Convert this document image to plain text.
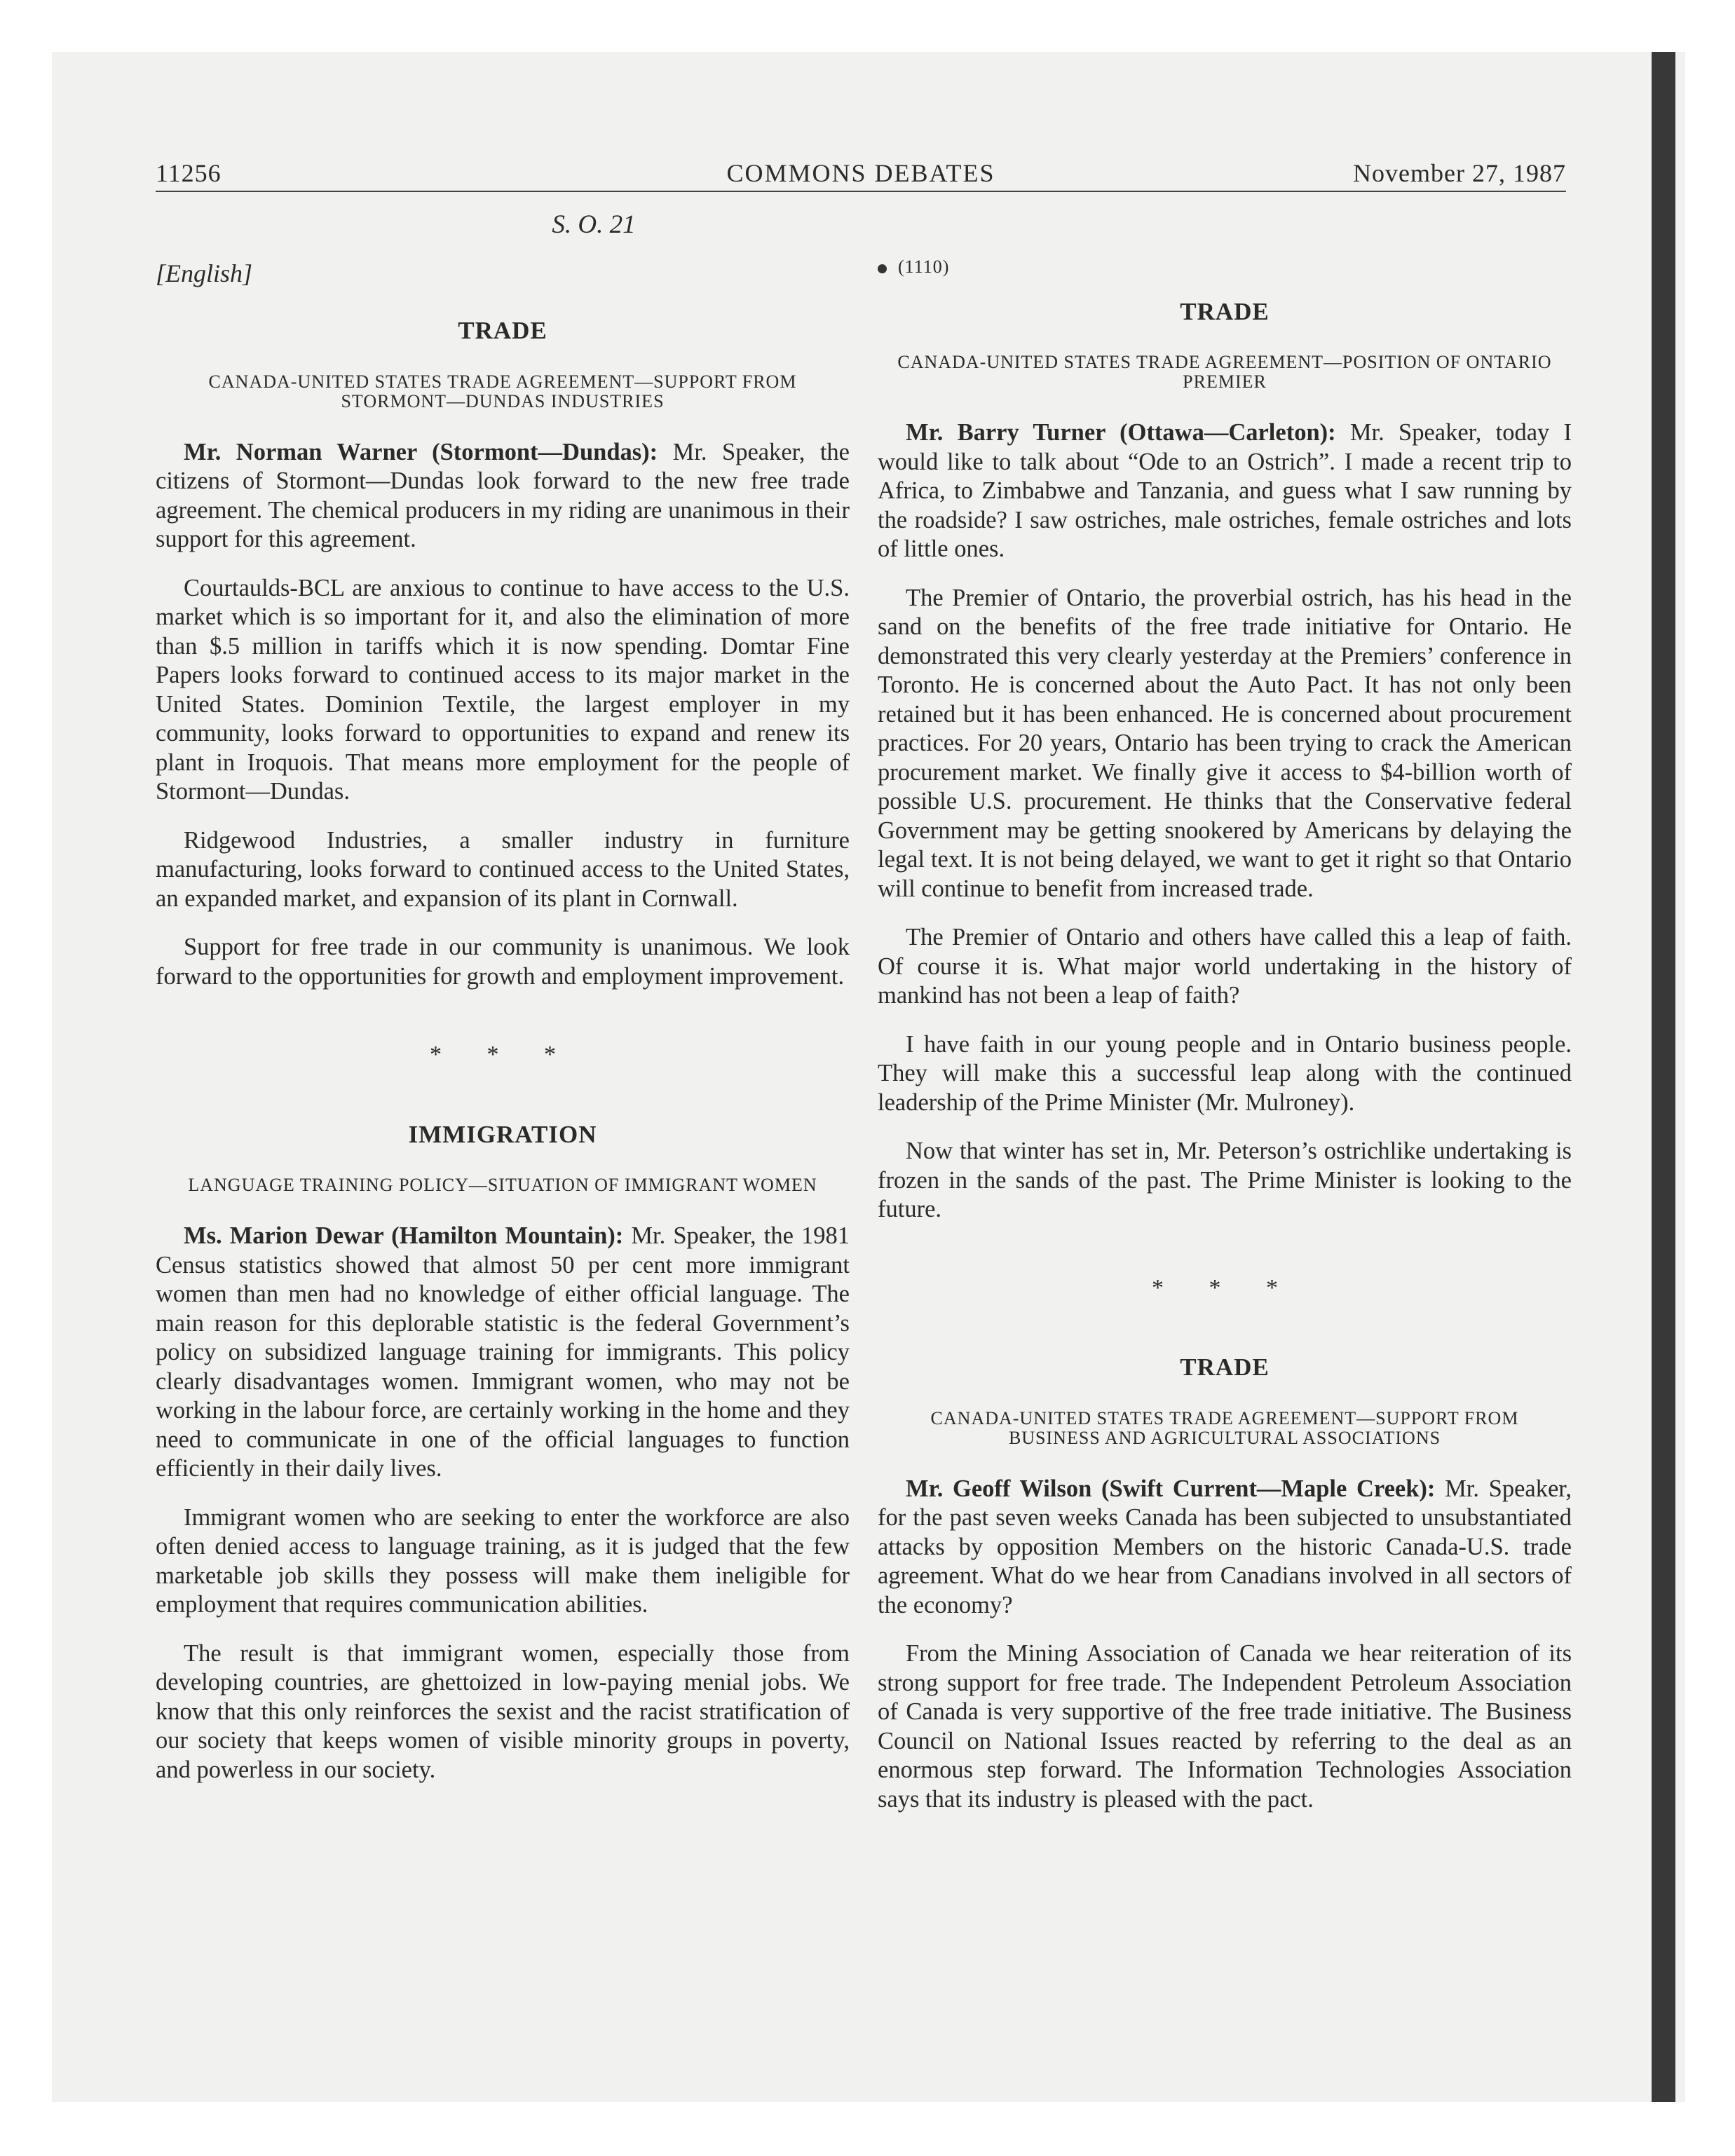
11256	COMMONS DEBATES	November 27, 1987
S. O. 21
[English]
TRADE
CANADA-UNITED STATES TRADE AGREEMENT—SUPPORT FROM STORMONT—DUNDAS INDUSTRIES

Mr. Norman Warner (Stormont—Dundas): Mr. Speaker, the citizens of Stormont—Dundas look forward to the new free trade agreement. The chemical producers in my riding are unanimous in their support for this agreement.

Courtaulds-BCL are anxious to continue to have access to the U.S. market which is so important for it, and also the elimination of more than $.5 million in tariffs which it is now spending. Domtar Fine Papers looks forward to continued access to its major market in the United States. Dominion Textile, the largest employer in my community, looks forward to opportunities to expand and renew its plant in Iroquois. That means more employment for the people of Stormont—Dundas.

Ridgewood Industries, a smaller industry in furniture manufacturing, looks forward to continued access to the United States, an expanded market, and expansion of its plant in Cornwall.

Support for free trade in our community is unanimous. We look forward to the opportunities for growth and employment improvement.

* * *
IMMIGRATION
LANGUAGE TRAINING POLICY—SITUATION OF IMMIGRANT WOMEN

Ms. Marion Dewar (Hamilton Mountain): Mr. Speaker, the 1981 Census statistics showed that almost 50 per cent more immigrant women than men had no knowledge of either official language. The main reason for this deplorable statistic is the federal Government’s policy on subsidized language training for immigrants. This policy clearly disadvantages women. Immigrant women, who may not be working in the labour force, are certainly working in the home and they need to communicate in one of the official languages to function efficiently in their daily lives.

Immigrant women who are seeking to enter the workforce are also often denied access to language training, as it is judged that the few marketable job skills they possess will make them ineligible for employment that requires communication abilities.

The result is that immigrant women, especially those from developing countries, are ghettoized in low-paying menial jobs. We know that this only reinforces the sexist and the racist stratification of our society that keeps women of visible minority groups in poverty, and powerless in our society.

(1110)
TRADE
CANADA-UNITED STATES TRADE AGREEMENT—POSITION OF ONTARIO PREMIER

Mr. Barry Turner (Ottawa—Carleton): Mr. Speaker, today I would like to talk about “Ode to an Ostrich”. I made a recent trip to Africa, to Zimbabwe and Tanzania, and guess what I saw running by the roadside? I saw ostriches, male ostriches, female ostriches and lots of little ones.

The Premier of Ontario, the proverbial ostrich, has his head in the sand on the benefits of the free trade initiative for Ontario. He demonstrated this very clearly yesterday at the Premiers’ conference in Toronto. He is concerned about the Auto Pact. It has not only been retained but it has been enhanced. He is concerned about procurement practices. For 20 years, Ontario has been trying to crack the American procurement market. We finally give it access to $4-billion worth of possible U.S. procurement. He thinks that the Conservative federal Government may be getting snookered by Americans by delaying the legal text. It is not being delayed, we want to get it right so that Ontario will continue to benefit from increased trade.

The Premier of Ontario and others have called this a leap of faith. Of course it is. What major world undertaking in the history of mankind has not been a leap of faith?

I have faith in our young people and in Ontario business people. They will make this a successful leap along with the continued leadership of the Prime Minister (Mr. Mulroney).

Now that winter has set in, Mr. Peterson’s ostrichlike undertaking is frozen in the sands of the past. The Prime Minister is looking to the future.

* * *
TRADE
CANADA-UNITED STATES TRADE AGREEMENT—SUPPORT FROM BUSINESS AND AGRICULTURAL ASSOCIATIONS

Mr. Geoff Wilson (Swift Current—Maple Creek): Mr. Speaker, for the past seven weeks Canada has been subjected to unsubstantiated attacks by opposition Members on the historic Canada-U.S. trade agreement. What do we hear from Canadians involved in all sectors of the economy?

From the Mining Association of Canada we hear reiteration of its strong support for free trade. The Independent Petroleum Association of Canada is very supportive of the free trade initiative. The Business Council on National Issues reacted by referring to the deal as an enormous step forward. The Information Technologies Association says that its industry is pleased with the pact.
